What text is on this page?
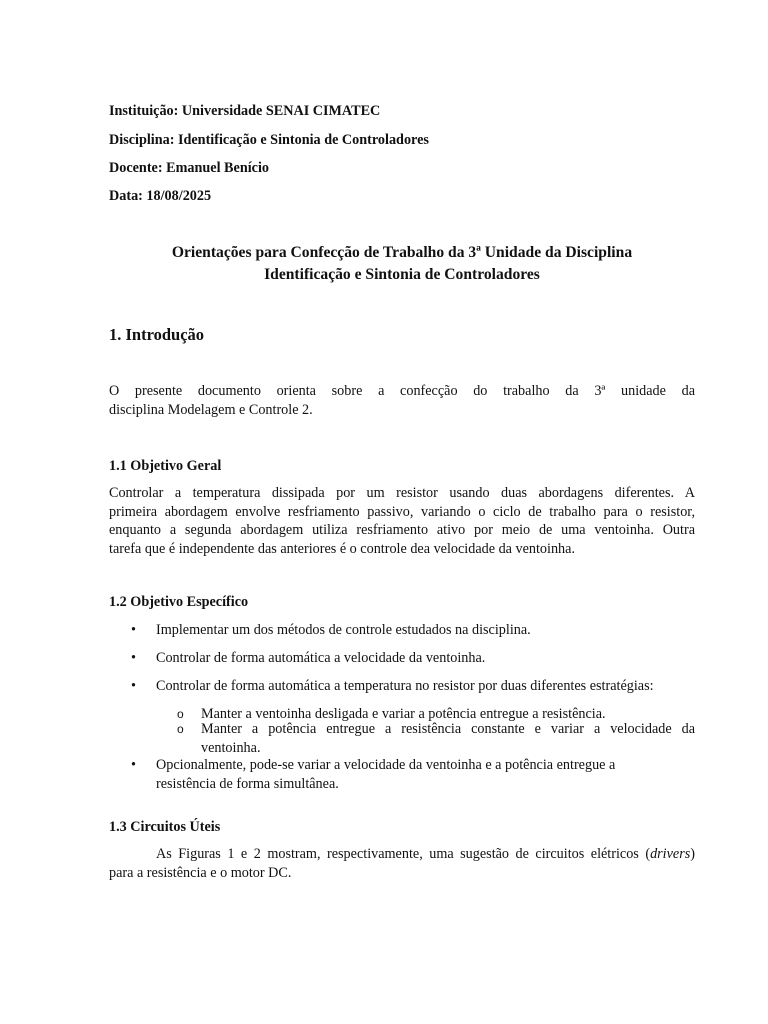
Instituição: Universidade SENAI CIMATEC
Disciplina: Identificação e Sintonia de Controladores
Docente: Emanuel Benício
Data: 18/08/2025
Orientações para Confecção de Trabalho da 3ª Unidade da Disciplina
Identificação e Sintonia de Controladores
1. Introdução
O presente documento orienta sobre a confecção do trabalho da 3ª unidade da
disciplina Modelagem e Controle 2.
1.1 Objetivo Geral
Controlar a temperatura dissipada por um resistor usando duas abordagens diferentes. A
primeira abordagem envolve resfriamento passivo, variando o ciclo de trabalho para o resistor,
enquanto a segunda abordagem utiliza resfriamento ativo por meio de uma ventoinha. Outra
tarefa que é independente das anteriores é o controle dea velocidade da ventoinha.
1.2 Objetivo Específico
• Implementar um dos métodos de controle estudados na disciplina.
• Controlar de forma automática a velocidade da ventoinha.
• Controlar de forma automática a temperatura no resistor por duas diferentes estratégias:
o Manter a ventoinha desligada e variar a potência entregue a resistência.
o Manter a potência entregue a resistência constante e variar a velocidade da
ventoinha.
• Opcionalmente, pode-se variar a velocidade da ventoinha e a potência entregue a
resistência de forma simultânea.
1.3 Circuitos Úteis
As Figuras 1 e 2 mostram, respectivamente, uma sugestão de circuitos elétricos (drivers)
para a resistência e o motor DC.
